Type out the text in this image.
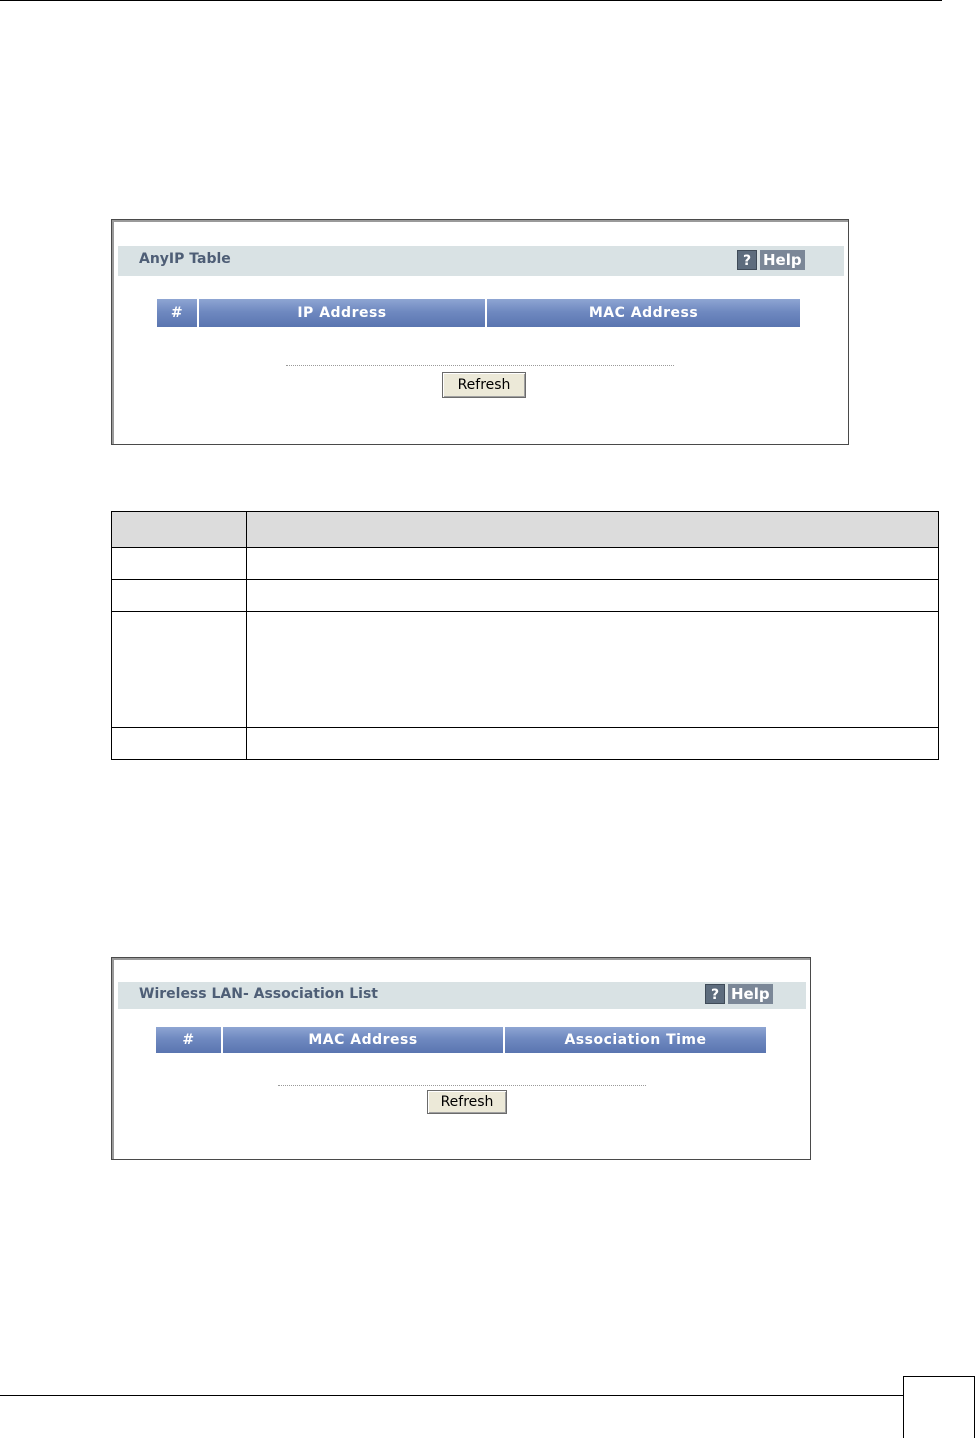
AnyIP Table	? Help
#	IP Address	MAC Address
Refresh

Wireless LAN- Association List	? Help
#	MAC Address	Association Time
Refresh
